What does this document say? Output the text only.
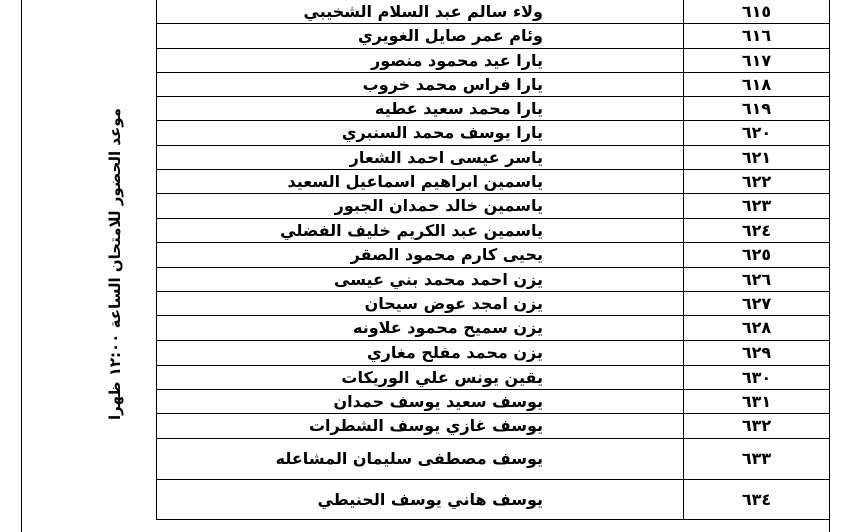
موعد الحضور للامتحان الساعة ١٢:٠٠ ظهرا
ولاء سالم عبد السلام الشخيبي	٦١٥
وئام عمر صايل الغويري	٦١٦
يارا عيد محمود منصور	٦١٧
يارا فراس محمد خروب	٦١٨
يارا محمد سعيد عطيه	٦١٩
يارا يوسف محمد السنبري	٦٢٠
ياسر عيسى احمد الشعار	٦٢١
ياسمين ابراهيم اسماعيل السعيد	٦٢٢
ياسمين خالد حمدان الجبور	٦٢٣
ياسمين عبد الكريم خليف الفضلي	٦٢٤
يحيى كارم محمود الصقر	٦٢٥
يزن احمد محمد بني عيسى	٦٢٦
يزن امجد عوض سيحان	٦٢٧
يزن سميح محمود علاونه	٦٢٨
يزن محمد مفلح مغاري	٦٢٩
يقين يونس علي الوريكات	٦٣٠
يوسف سعيد يوسف حمدان	٦٣١
يوسف غازي يوسف الشطرات	٦٣٢
يوسف مصطفى سليمان المشاعله	٦٣٣
يوسف هاني يوسف الحنيطي	٦٣٤
